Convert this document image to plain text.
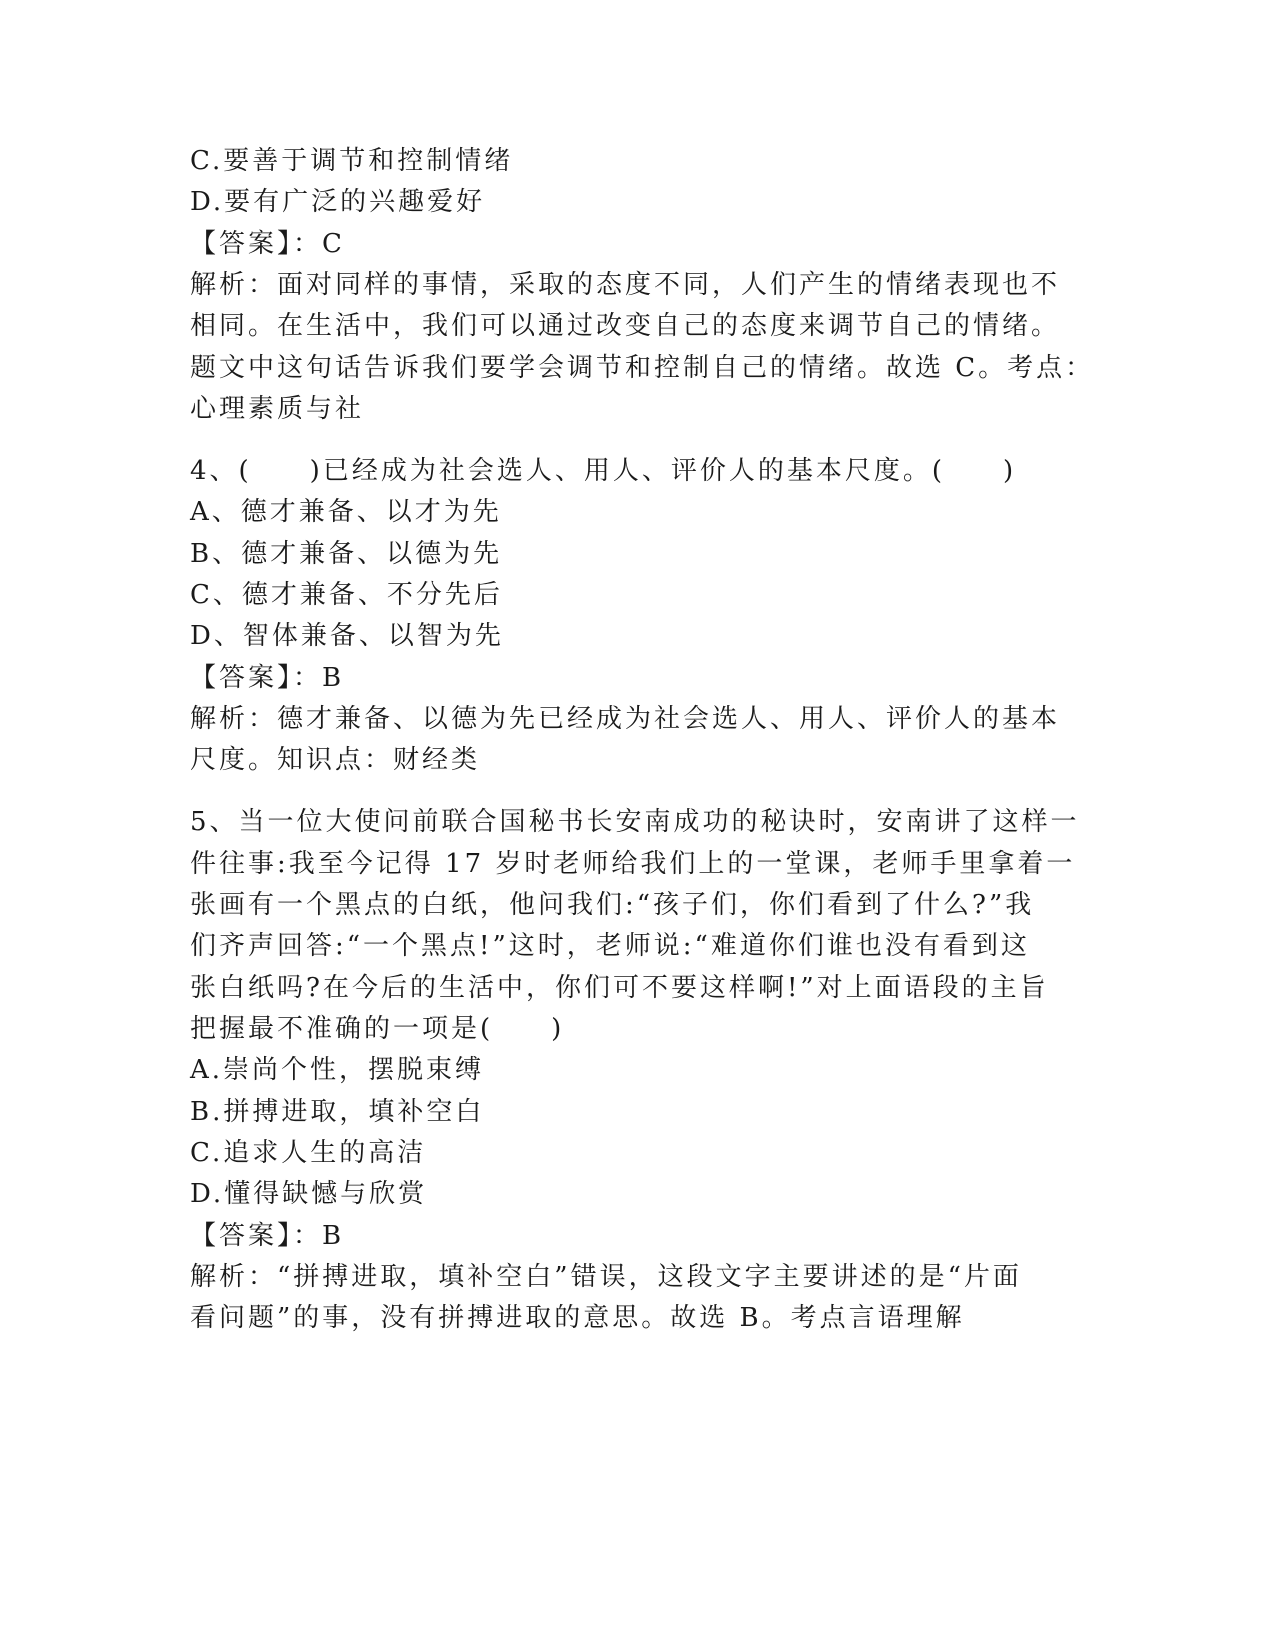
C.要善于调节和控制情绪
D.要有广泛的兴趣爱好
【答案】：C
解析：面对同样的事情，采取的态度不同，人们产生的情绪表现也不
相同。在生活中，我们可以通过改变自己的态度来调节自己的情绪。
题文中这句话告诉我们要学会调节和控制自己的情绪。故选 C。考点：
心理素质与社
4、(　　)已经成为社会选人、用人、评价人的基本尺度。(　　)
A、德才兼备、以才为先
B、德才兼备、以德为先
C、德才兼备、不分先后
D、智体兼备、以智为先
【答案】：B
解析：德才兼备、以德为先已经成为社会选人、用人、评价人的基本
尺度。知识点：财经类
5、当一位大使问前联合国秘书长安南成功的秘诀时，安南讲了这样一
件往事:我至今记得 17 岁时老师给我们上的一堂课，老师手里拿着一
张画有一个黑点的白纸，他问我们:“孩子们，你们看到了什么?”我
们齐声回答:“一个黑点!”这时，老师说:“难道你们谁也没有看到这
张白纸吗?在今后的生活中，你们可不要这样啊!”对上面语段的主旨
把握最不准确的一项是(　　)
A.崇尚个性，摆脱束缚
B.拼搏进取，填补空白
C.追求人生的高洁
D.懂得缺憾与欣赏
【答案】：B
解析：“拼搏进取，填补空白”错误，这段文字主要讲述的是“片面
看问题”的事，没有拼搏进取的意思。故选 B。考点言语理解
